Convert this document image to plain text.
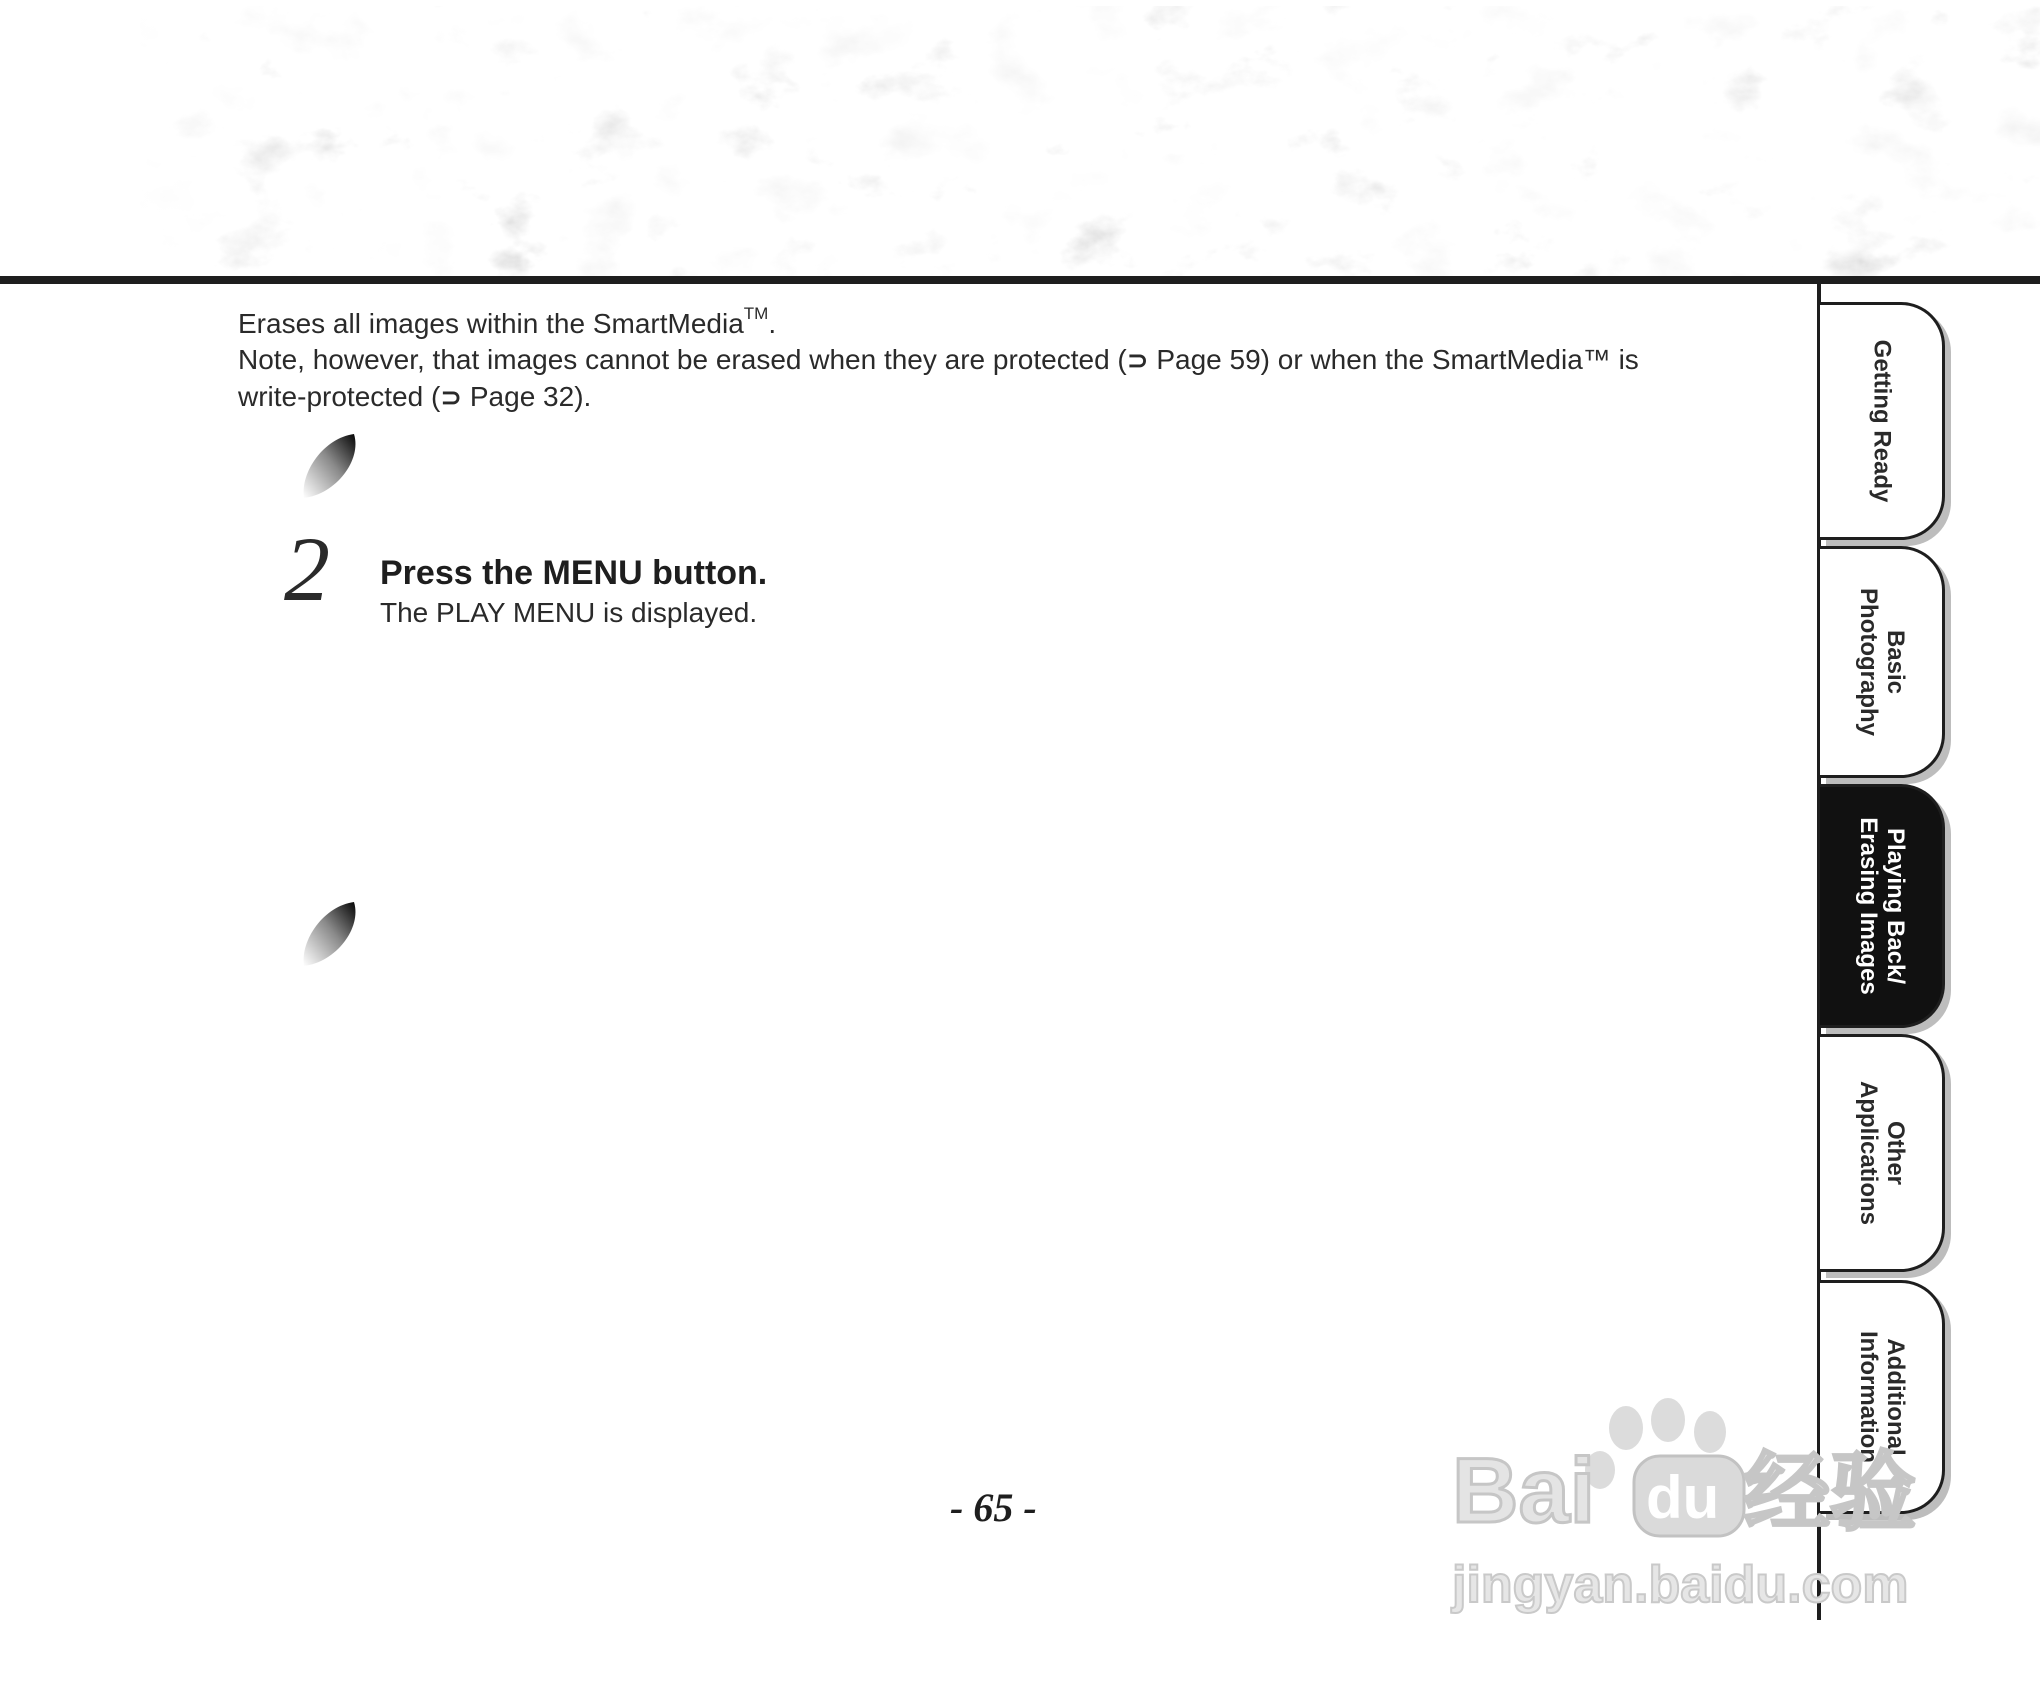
Erases all images within the SmartMedia™.

Note, however, that images cannot be erased when they are protected (⊃ Page 59) or when the SmartMedia™ is

write-protected (⊃ Page 32).

2 Press the MENU button.
The PLAY MENU is displayed.
- 65 -
Getting Ready
Basic
Photography
Playing Back/
Erasing Images
Other
Applications
Additional
Information
Bai du 经验
jingyan.baidu.com
